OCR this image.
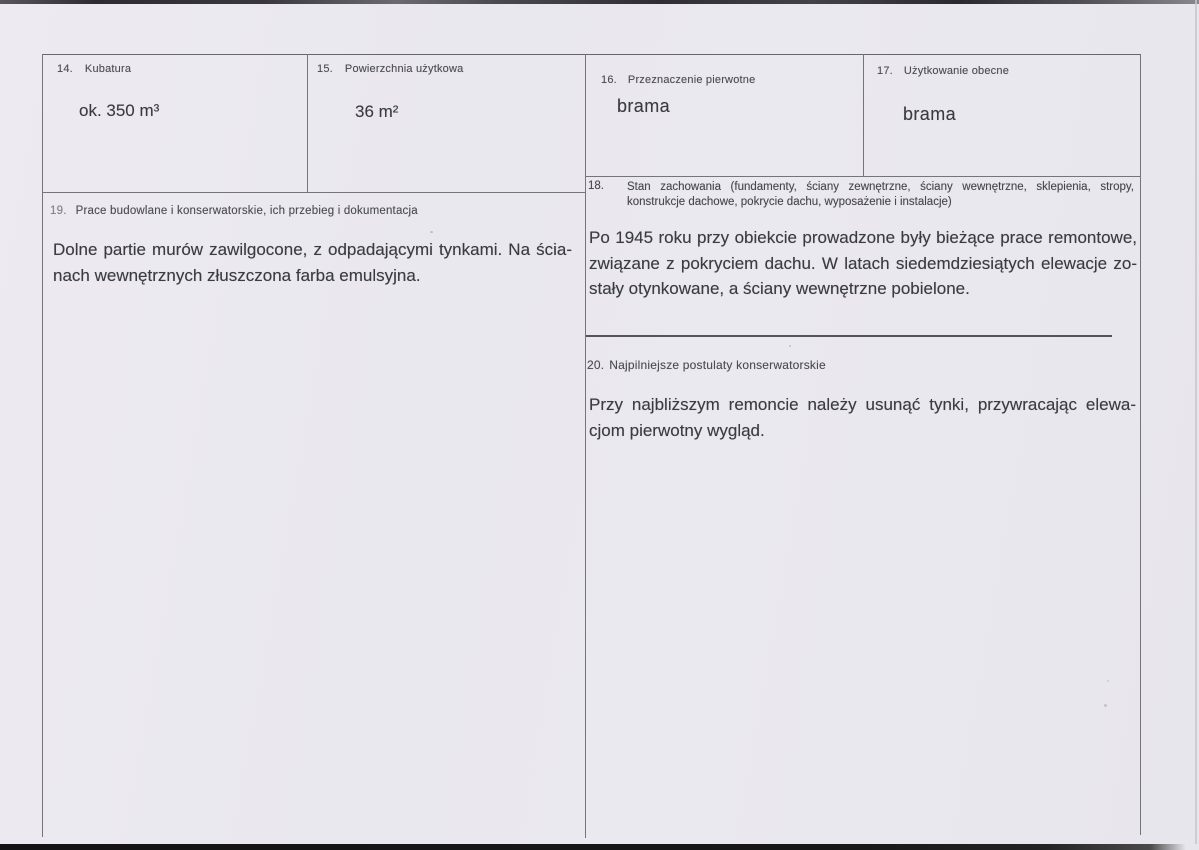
14. Kubatura
ok. 350 m³
15. Powierzchnia użytkowa
36 m²
16. Przeznaczenie pierwotne
brama
17. Użytkowanie obecne
brama
18. Stan zachowania (fundamenty, ściany zewnętrzne, ściany wewnętrzne, sklepienia, stropy,
konstrukcje dachowe, pokrycie dachu, wyposażenie i instalacje)
Po 1945 roku przy obiekcie prowadzone były bieżące prace remontowe,
związane z pokryciem dachu. W latach siedemdziesiątych elewacje zo-
stały otynkowane, a ściany wewnętrzne pobielone.
19. Prace budowlane i konserwatorskie, ich przebieg i dokumentacja
Dolne partie murów zawilgocone, z odpadającymi tynkami. Na ścia-
nach wewnętrznych złuszczona farba emulsyjna.
20. Najpilniejsze postulaty konserwatorskie
Przy najbliższym remoncie należy usunąć tynki, przywracając elewa-
cjom pierwotny wygląd.
